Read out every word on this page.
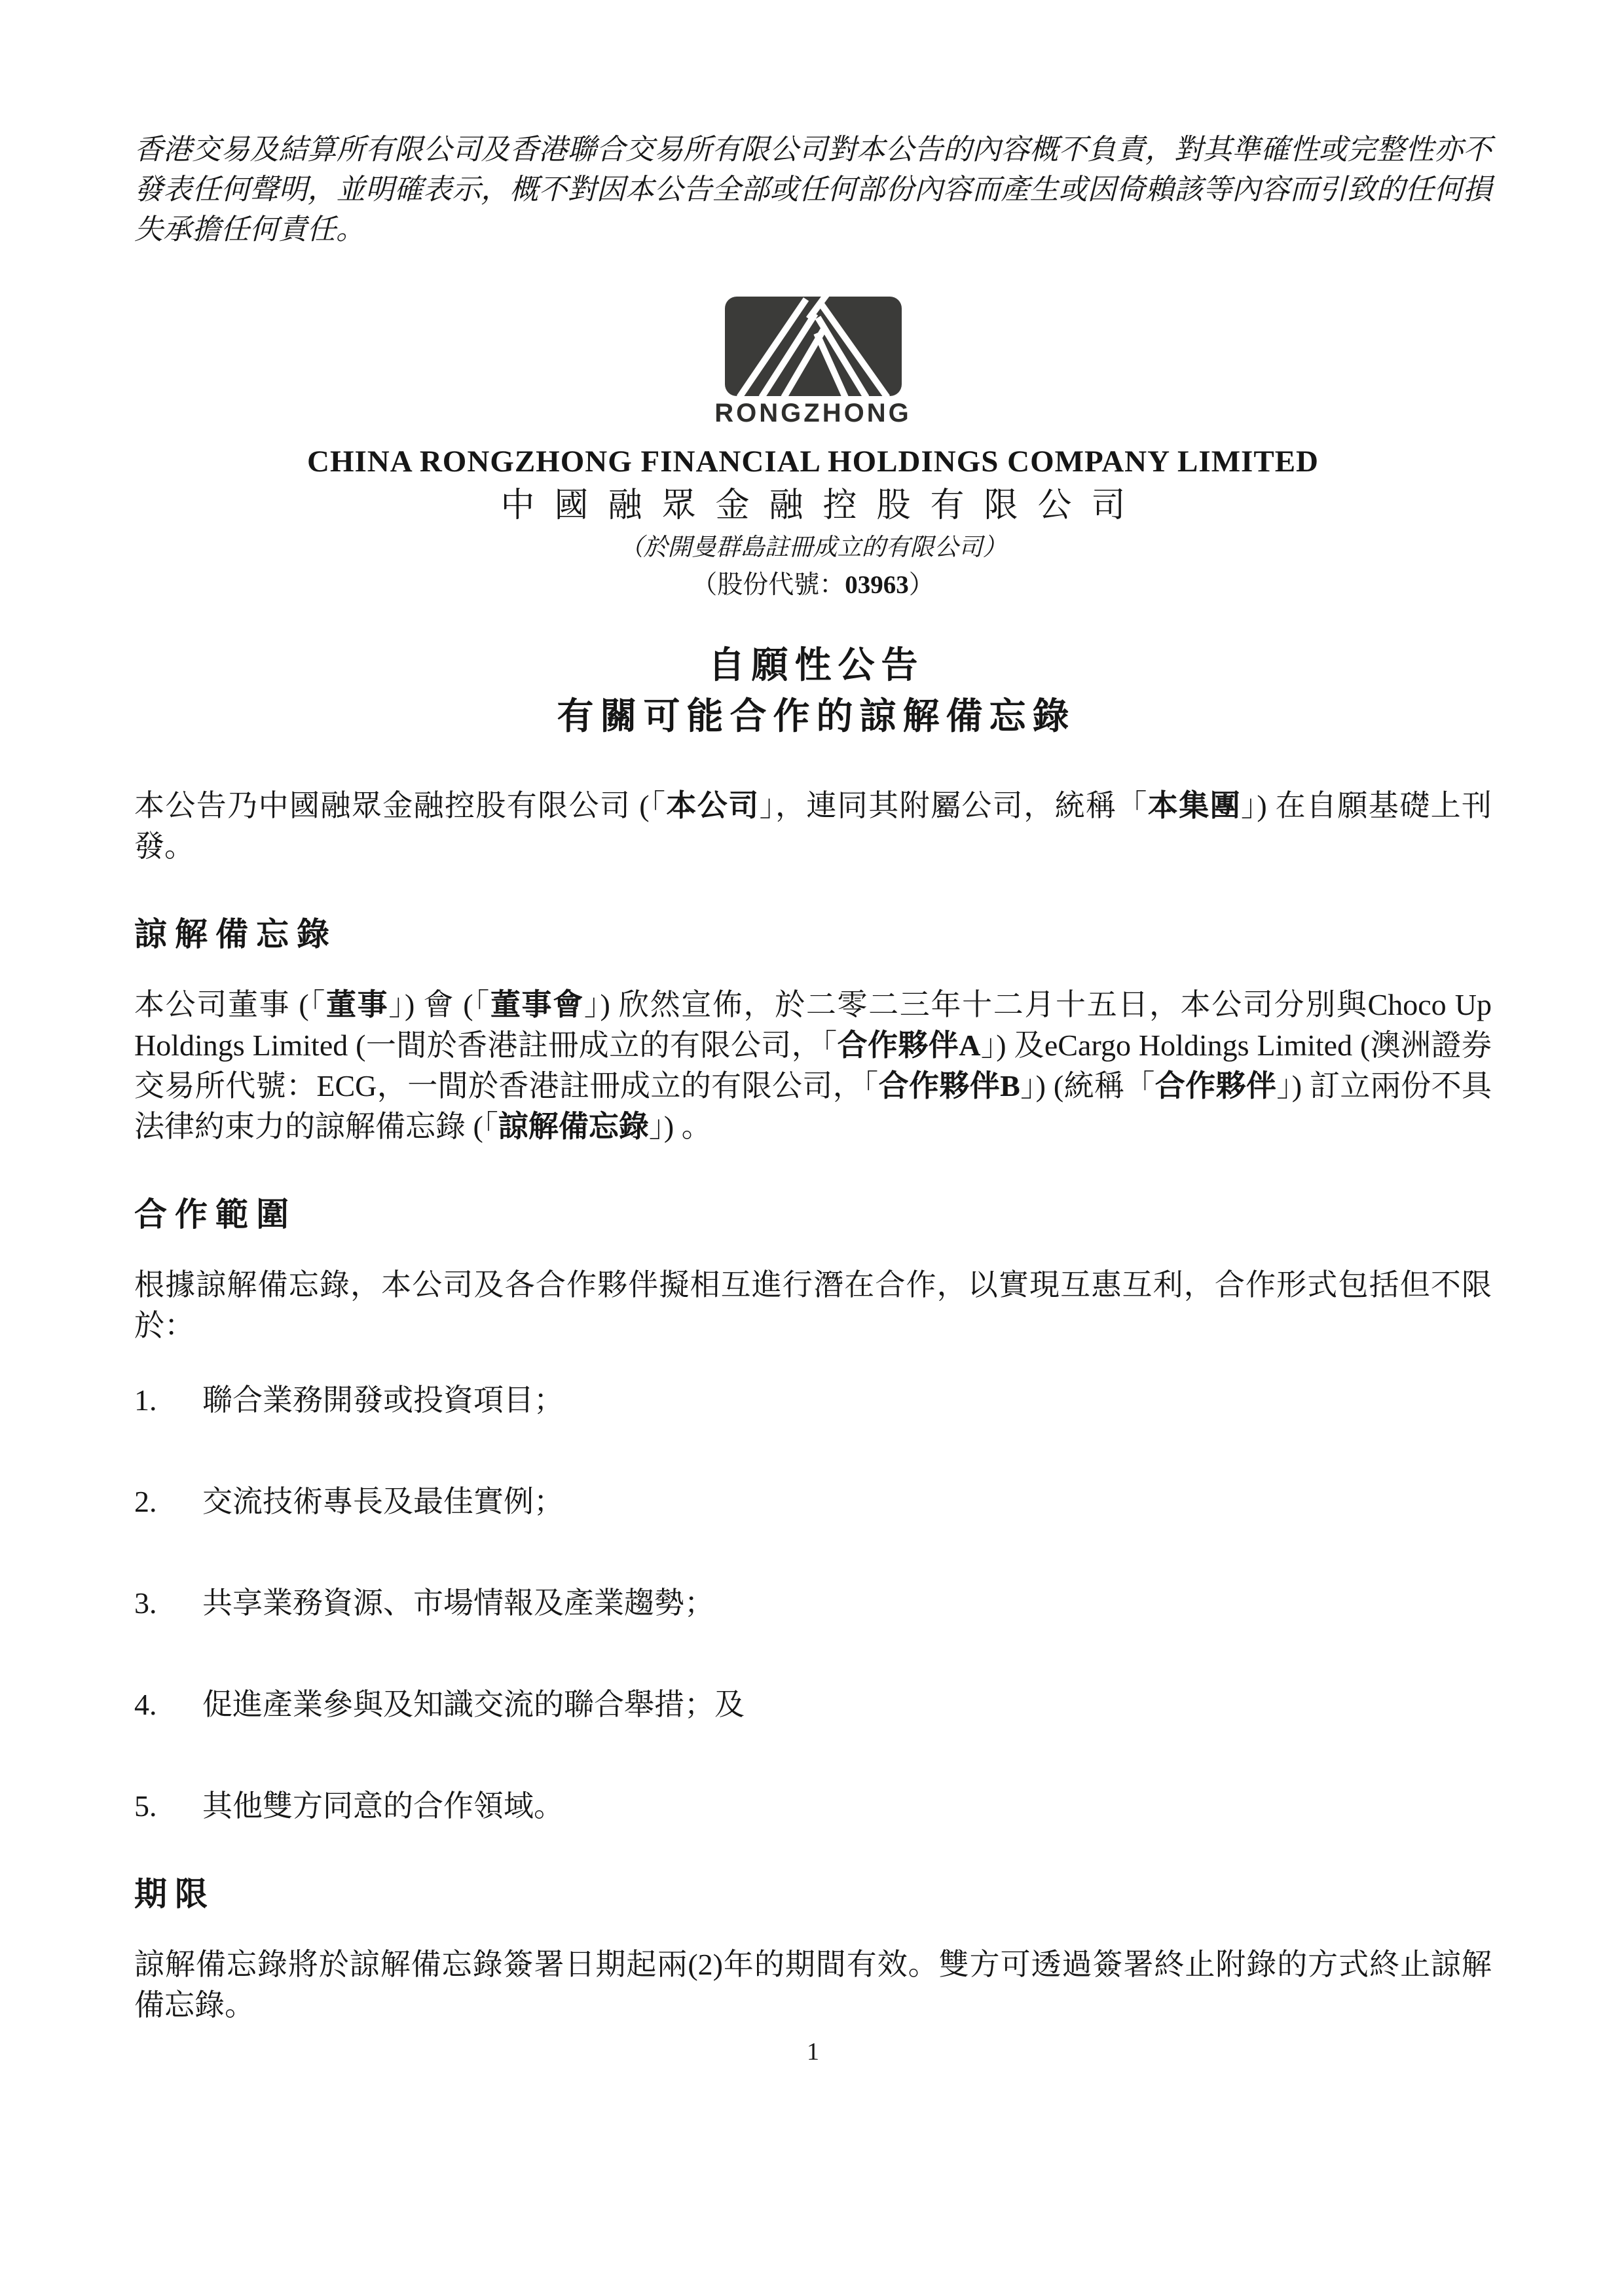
香港交易及結算所有限公司及香港聯合交易所有限公司對本公告的內容概不負責，對其準確性或完整性亦不發表任何聲明，並明確表示，概不對因本公告全部或任何部份內容而產生或因倚賴該等內容而引致的任何損失承擔任何責任。

RONGZHONG
CHINA RONGZHONG FINANCIAL HOLDINGS COMPANY LIMITED
中國融眾金融控股有限公司
（於開曼群島註冊成立的有限公司）
（股份代號：03963）
自願性公告
有關可能合作的諒解備忘錄

本公告乃中國融眾金融控股有限公司 (「本公司」，連同其附屬公司，統稱「本集團」) 在自願基礎上刊發。

諒解備忘錄

本公司董事 (「董事」) 會 (「董事會」) 欣然宣佈，於二零二三年十二月十五日，本公司分別與Choco Up Holdings Limited (一間於香港註冊成立的有限公司，「合作夥伴A」) 及eCargo Holdings Limited (澳洲證券交易所代號：ECG，一間於香港註冊成立的有限公司，「合作夥伴B」) (統稱「合作夥伴」) 訂立兩份不具法律約束力的諒解備忘錄 (「諒解備忘錄」) 。

合作範圍

根據諒解備忘錄，本公司及各合作夥伴擬相互進行潛在合作，以實現互惠互利，合作形式包括但不限於：

1.	聯合業務開發或投資項目；
2.	交流技術專長及最佳實例；
3.	共享業務資源、市場情報及產業趨勢；
4.	促進產業參與及知識交流的聯合舉措；及
5.	其他雙方同意的合作領域。
期限

諒解備忘錄將於諒解備忘錄簽署日期起兩(2)年的期間有效。雙方可透過簽署終止附錄的方式終止諒解備忘錄。

1
